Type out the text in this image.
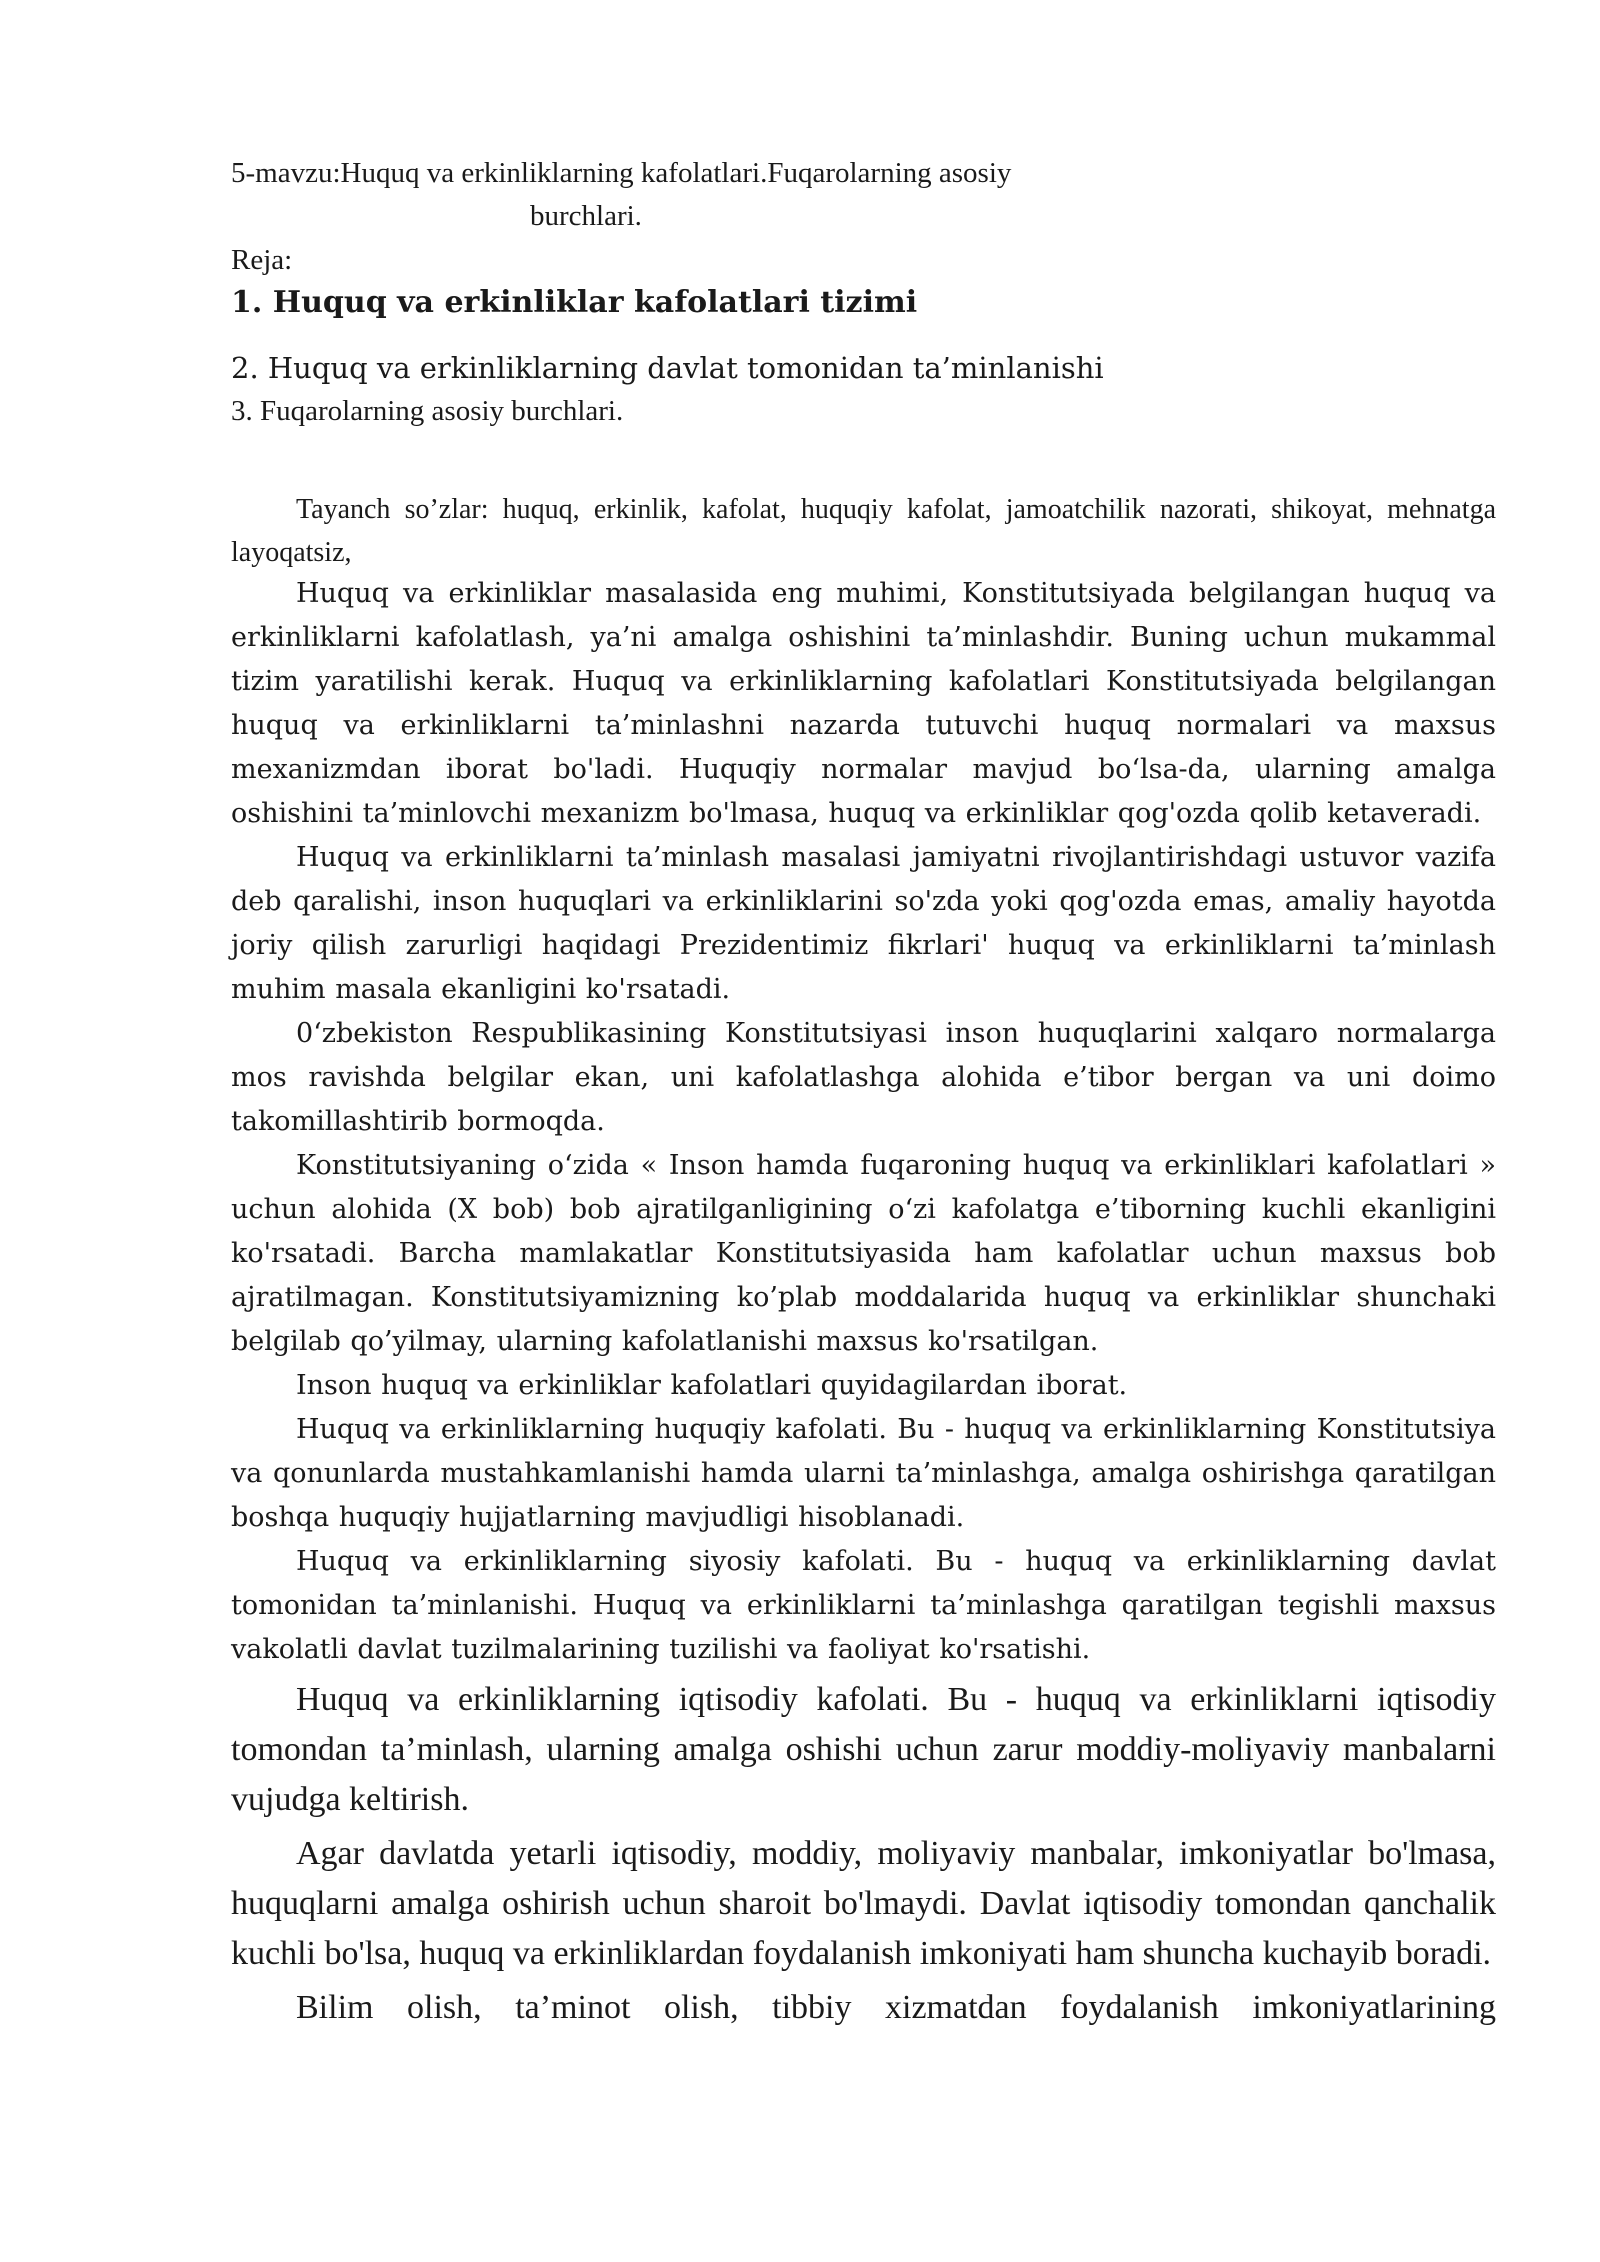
5-mavzu:Huquq va erkinliklarning kafolatlari.Fuqarolarning asosiy
burchlari.
Reja:
1. Huquq va erkinliklar kafolatlari tizimi
2. Huquq va erkinliklarning davlat tomonidan ta’minlanishi
3. Fuqarolarning asosiy burchlari.

Tayanch so’zlar: huquq, erkinlik, kafolat, huquqiy kafolat, jamoatchilik nazorati, shikoyat, mehnatga layoqatsiz,

Huquq va erkinliklar masalasida eng muhimi, Konstitutsiyada belgilangan huquq va erkinliklarni kafolatlash, ya’ni amalga oshishini ta’minlashdir. Buning uchun mukammal tizim yaratilishi kerak. Huquq va erkinliklarning kafolatlari Konstitutsiyada belgilangan huquq va erkinliklarni ta’minlashni nazarda tutuvchi huquq normalari va maxsus mexanizmdan iborat bo'ladi. Huquqiy normalar mavjud bo‘lsa-da, ularning amalga oshishini ta’minlovchi mexanizm bo'lmasa, huquq va erkinliklar qog'ozda qolib ketaveradi.

Huquq va erkinliklarni ta’minlash masalasi jamiyatni rivojlantirishdagi ustuvor vazifa deb qaralishi, inson huquqlari va erkinliklarini so'zda yoki qog'ozda emas, amaliy hayotda joriy qilish zarurligi haqidagi Prezidentimiz fikrlari' huquq va erkinliklarni ta’minlash muhim masala ekanligini ko'rsatadi.

0‘zbekiston Respublikasining Konstitutsiyasi inson huquqlarini xalqaro normalarga mos ravishda belgilar ekan, uni kafolatlashga alohida e’tibor bergan va uni doimo takomillashtirib bormoqda.

Konstitutsiyaning o‘zida « Inson hamda fuqaroning huquq va erkinliklari kafolatlari » uchun alohida (X bob) bob ajratilganligining o‘zi kafolatga e’tiborning kuchli ekanligini ko'rsatadi. Barcha mamlakatlar Konstitutsiyasida ham kafolatlar uchun maxsus bob ajratilmagan. Konstitutsiyamizning ko’plab moddalarida huquq va erkinliklar shunchaki belgilab qo’yilmay, ularning kafolatlanishi maxsus ko'rsatilgan.

Inson huquq va erkinliklar kafolatlari quyidagilardan iborat.

Huquq va erkinliklarning huquqiy kafolati. Bu - huquq va erkinliklarning Konstitutsiya va qonunlarda mustahkamlanishi hamda ularni ta’minlashga, amalga oshirishga qaratilgan boshqa huquqiy hujjatlarning mavjudligi hisoblanadi.

Huquq va erkinliklarning siyosiy kafolati. Bu - huquq va erkinliklarning davlat tomonidan ta’minlanishi. Huquq va erkinliklarni ta’minlashga qaratilgan tegishli maxsus vakolatli davlat tuzilmalarining tuzilishi va faoliyat ko'rsatishi.

Huquq va erkinliklarning iqtisodiy kafolati. Bu - huquq va erkinliklarni iqtisodiy tomondan ta’minlash, ularning amalga oshishi uchun zarur moddiy-moliyaviy manbalarni vujudga keltirish.

Agar davlatda yetarli iqtisodiy, moddiy, moliyaviy manbalar, imkoniyatlar bo'lmasa, huquqlarni amalga oshirish uchun sharoit bo'lmaydi. Davlat iqtisodiy tomondan qanchalik kuchli bo'lsa, huquq va erkinliklardan foydalanish imkoniyati ham shuncha kuchayib boradi.

Bilim olish, ta’minot olish, tibbiy xizmatdan foydalanish imkoniyatlarining
